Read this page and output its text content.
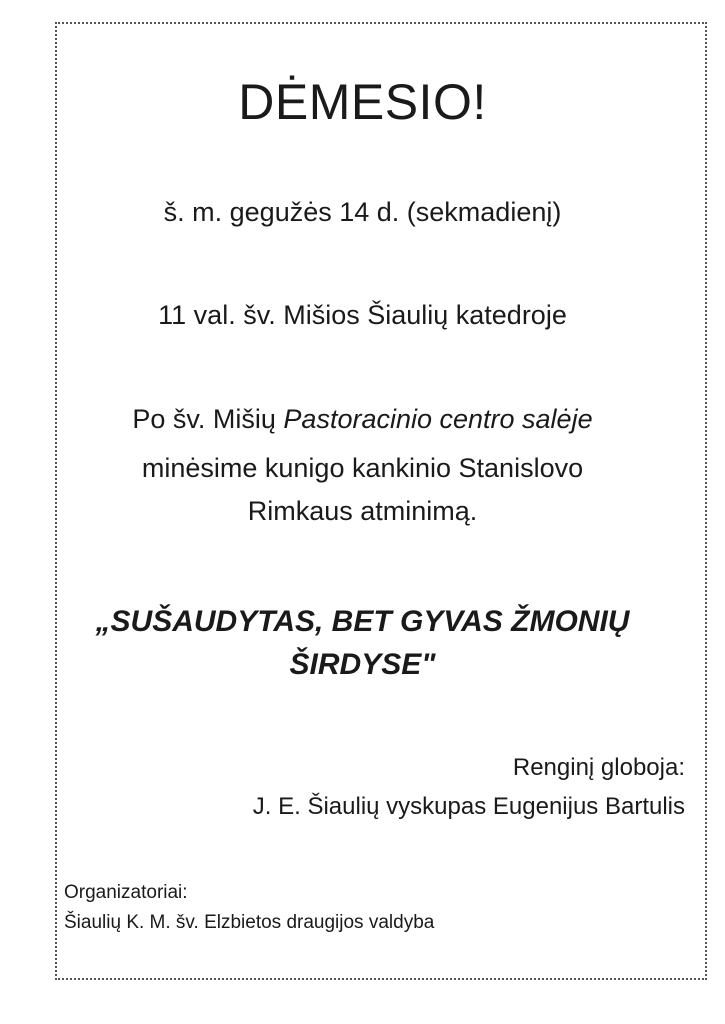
DĖMESIO!
š. m. gegužės 14 d. (sekmadienį)
11 val. šv. Mišios Šiaulių katedroje
Po šv. Mišių Pastoracinio centro salėje
minėsime kunigo kankinio Stanislovo
Rimkaus atminimą.
„SUŠAUDYTAS, BET GYVAS ŽMONIŲ
ŠIRDYSE"
Renginį globoja:
J. E. Šiaulių vyskupas Eugenijus Bartulis
Organizatoriai:
Šiaulių K. M. šv. Elzbietos draugijos valdyba
